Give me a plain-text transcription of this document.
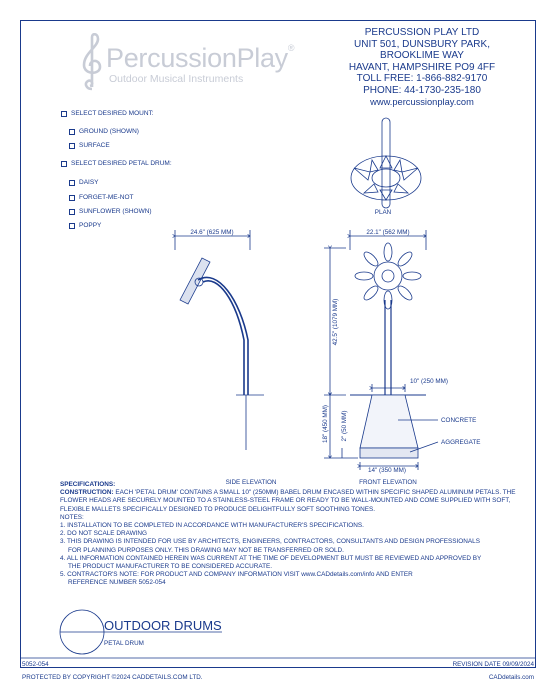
PercussionPlay®
Outdoor Musical Instruments
PERCUSSION PLAY LTD
UNIT 501, DUNSBURY PARK,
BROOKLIME WAY
HAVANT, HAMPSHIRE PO9 4FF
TOLL FREE: 1-866-882-9170
PHONE: 44-1730-235-180
www.percussionplay.com
SELECT DESIRED MOUNT:
GROUND (SHOWN)
SURFACE
SELECT DESIRED PETAL DRUM:
DAISY
FORGET-ME-NOT
SUNFLOWER (SHOWN)
POPPY
PLAN
24.6" (625 MM)
SIDE ELEVATION
22.1" (562 MM)
42.5" (1079 MM)
18" (450 MM) 2" (50 MM)
10" (250 MM)
14" (350 MM)
CONCRETE
AGGREGATE
FRONT ELEVATION
SPECIFICATIONS:
CONSTRUCTION: EACH 'PETAL DRUM' CONTAINS A SMALL 10" (250MM) BABEL DRUM ENCASED WITHIN SPECIFIC SHAPED ALUMINUM PETALS. THE FLOWER HEADS ARE SECURELY MOUNTED TO A STAINLESS-STEEL FRAME OR READY TO BE WALL-MOUNTED AND COME SUPPLIED WITH SOFT, FLEXIBLE MALLETS SPECIFICALLY DESIGNED TO PRODUCE DELIGHTFULLY SOFT SOOTHING TONES.
NOTES:
1. INSTALLATION TO BE COMPLETED IN ACCORDANCE WITH MANUFACTURER'S SPECIFICATIONS.
2. DO NOT SCALE DRAWING
3. THIS DRAWING IS INTENDED FOR USE BY ARCHITECTS, ENGINEERS, CONTRACTORS, CONSULTANTS AND DESIGN PROFESSIONALS
FOR PLANNING PURPOSES ONLY. THIS DRAWING MAY NOT BE TRANSFERRED OR SOLD.
4. ALL INFORMATION CONTAINED HEREIN WAS CURRENT AT THE TIME OF DEVELOPMENT BUT MUST BE REVIEWED AND APPROVED BY
THE PRODUCT MANUFACTURER TO BE CONSIDERED ACCURATE.
5. CONTRACTOR'S NOTE: FOR PRODUCT AND COMPANY INFORMATION VISIT www.CADdetails.com/info AND ENTER
REFERENCE NUMBER 5052-054
OUTDOOR DRUMS
PETAL DRUM
5052-054	REVISION DATE 09/09/2024
PROTECTED BY COPYRIGHT ©2024 CADDETAILS.COM LTD.	CADdetails.com
